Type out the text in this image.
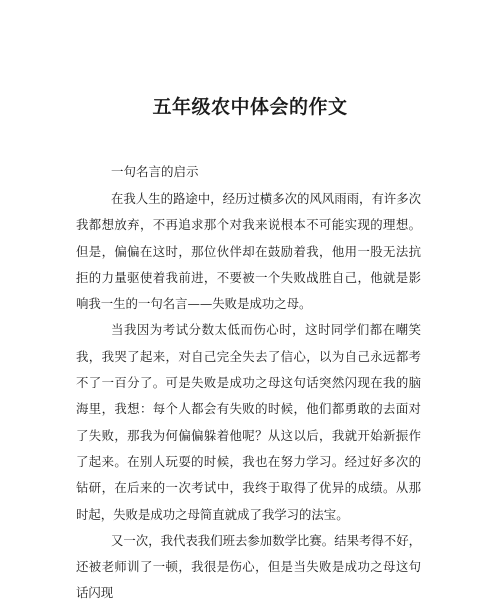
五年级农中体会的作文

一句名言的启示

在我人生的路途中，经历过横多次的风风雨雨，有许多次我都想放弃，不再追求那个对我来说根本不可能实现的理想。但是，偏偏在这时，那位伙伴却在鼓励着我，他用一股无法抗拒的力量驱使着我前进，不要被一个失败战胜自己，他就是影响我一生的一句名言——失败是成功之母。

当我因为考试分数太低而伤心时，这时同学们都在嘲笑我，我哭了起来，对自己完全失去了信心，以为自己永远都考不了一百分了。可是失败是成功之母这句话突然闪现在我的脑海里，我想：每个人都会有失败的时候，他们都勇敢的去面对了失败，那我为何偏偏躲着他呢？从这以后，我就开始新振作了起来。在别人玩耍的时候，我也在努力学习。经过好多次的钻研，在后来的一次考试中，我终于取得了优异的成绩。从那时起，失败是成功之母简直就成了我学习的法宝。

又一次，我代表我们班去参加数学比赛。结果考得不好，还被老师训了一顿，我很是伤心，但是当失败是成功之母这句话闪现
